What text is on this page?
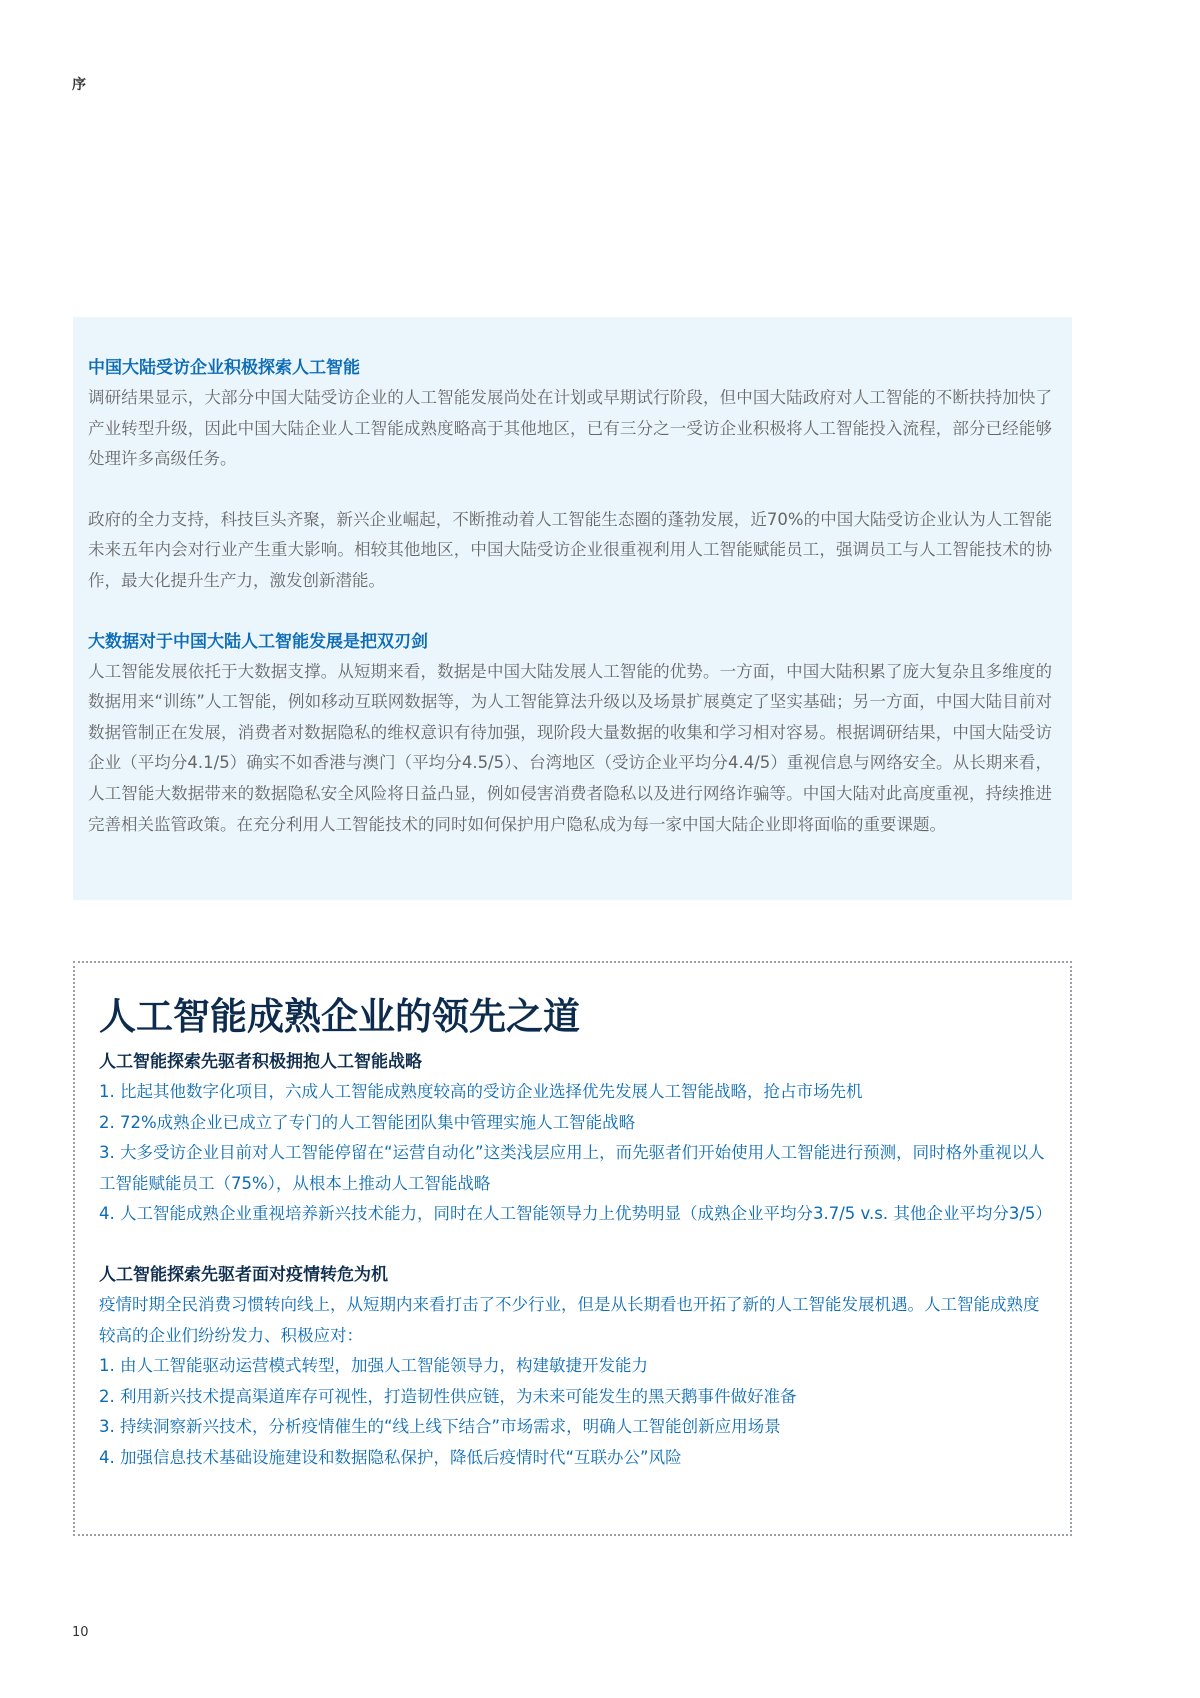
序

中国大陆受访企业积极探索人工智能

调研结果显示，大部分中国大陆受访企业的人工智能发展尚处在计划或早期试行阶段，但中国大陆政府对人工智能的不断扶持加快了产业转型升级，因此中国大陆企业人工智能成熟度略高于其他地区，已有三分之一受访企业积极将人工智能投入流程，部分已经能够处理许多高级任务。

政府的全力支持，科技巨头齐聚，新兴企业崛起，不断推动着人工智能生态圈的蓬勃发展，近70%的中国大陆受访企业认为人工智能未来五年内会对行业产生重大影响。相较其他地区，中国大陆受访企业很重视利用人工智能赋能员工，强调员工与人工智能技术的协作，最大化提升生产力，激发创新潜能。

大数据对于中国大陆人工智能发展是把双刃剑

人工智能发展依托于大数据支撑。从短期来看，数据是中国大陆发展人工智能的优势。一方面，中国大陆积累了庞大复杂且多维度的数据用来“训练”人工智能，例如移动互联网数据等，为人工智能算法升级以及场景扩展奠定了坚实基础；另一方面，中国大陆目前对数据管制正在发展，消费者对数据隐私的维权意识有待加强，现阶段大量数据的收集和学习相对容易。根据调研结果，中国大陆受访企业（平均分4.1/5）确实不如香港与澳门（平均分4.5/5）、台湾地区（受访企业平均分4.4/5）重视信息与网络安全。从长期来看，人工智能大数据带来的数据隐私安全风险将日益凸显，例如侵害消费者隐私以及进行网络诈骗等。中国大陆对此高度重视，持续推进完善相关监管政策。在充分利用人工智能技术的同时如何保护用户隐私成为每一家中国大陆企业即将面临的重要课题。

人工智能成熟企业的领先之道

人工智能探索先驱者积极拥抱人工智能战略

1. 比起其他数字化项目，六成人工智能成熟度较高的受访企业选择优先发展人工智能战略，抢占市场先机

2. 72%成熟企业已成立了专门的人工智能团队集中管理实施人工智能战略

3. 大多受访企业目前对人工智能停留在“运营自动化”这类浅层应用上，而先驱者们开始使用人工智能进行预测，同时格外重视以人工智能赋能员工（75%），从根本上推动人工智能战略

4. 人工智能成熟企业重视培养新兴技术能力，同时在人工智能领导力上优势明显（成熟企业平均分3.7/5 v.s. 其他企业平均分3/5）

人工智能探索先驱者面对疫情转危为机

疫情时期全民消费习惯转向线上，从短期内来看打击了不少行业，但是从长期看也开拓了新的人工智能发展机遇。人工智能成熟度较高的企业们纷纷发力、积极应对：

1. 由人工智能驱动运营模式转型，加强人工智能领导力，构建敏捷开发能力

2. 利用新兴技术提高渠道库存可视性，打造韧性供应链，为未来可能发生的黑天鹅事件做好准备

3. 持续洞察新兴技术，分析疫情催生的“线上线下结合”市场需求，明确人工智能创新应用场景

4. 加强信息技术基础设施建设和数据隐私保护，降低后疫情时代“互联办公”风险

10
